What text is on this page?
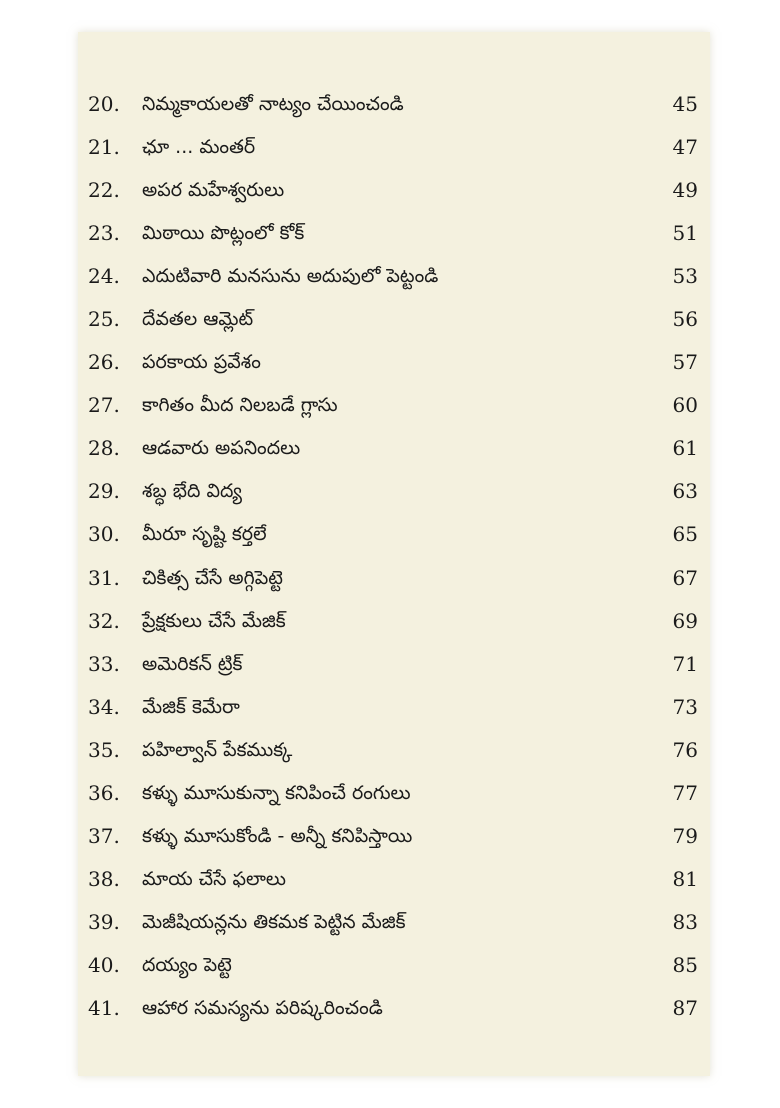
20. నిమ్మకాయలతో నాట్యం చేయించండి	45
21. ఛూ ... మంతర్	47
22. అపర మహేశ్వరులు	49
23. మిఠాయి పొట్లంలో కోక్	51
24. ఎదుటివారి మనసును అదుపులో పెట్టండి	53
25. దేవతల ఆమ్లెట్	56
26. పరకాయ ప్రవేశం	57
27. కాగితం మీద నిలబడే గ్లాసు	60
28. ఆడవారు అపనిందలు	61
29. శబ్ధ భేది విద్య	63
30. మీరూ సృష్టి కర్తలే	65
31. చికిత్స చేసే అగ్గిపెట్టె	67
32. ప్రేక్షకులు చేసే మేజిక్	69
33. అమెరికన్ ట్రిక్	71
34. మేజిక్ కెమేరా	73
35. పహిల్వాన్ పేకముక్క	76
36. కళ్ళు మూసుకున్నా కనిపించే రంగులు	77
37. కళ్ళు మూసుకోండి - అన్నీ కనిపిస్తాయి	79
38. మాయ చేసే ఫలాలు	81
39. మెజీషియన్లను తికమక పెట్టిన మేజిక్	83
40. దయ్యం పెట్టె	85
41. ఆహార సమస్యను పరిష్కరించండి	87
